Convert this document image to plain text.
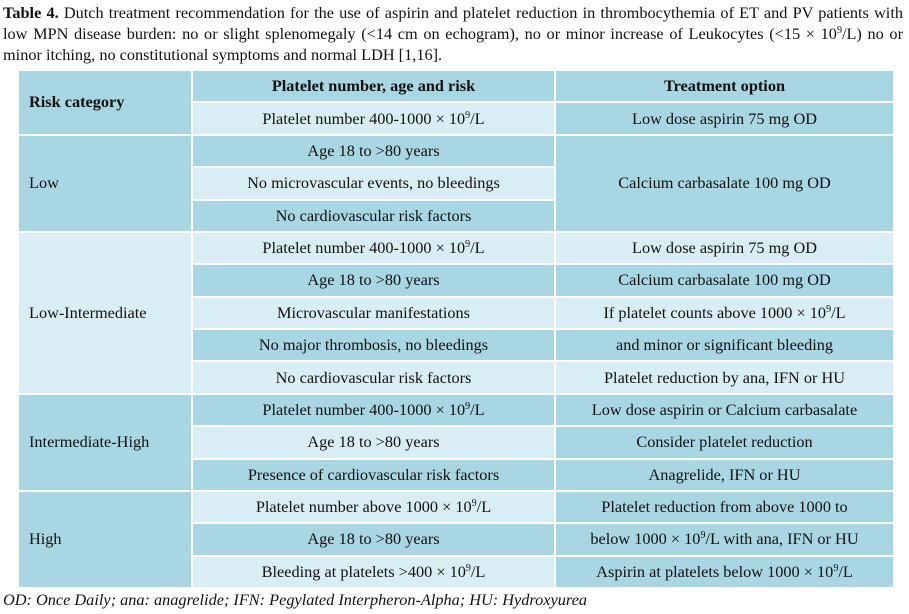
Table 4. Dutch treatment recommendation for the use of aspirin and platelet reduction in thrombocythemia of ET and PV patients with low MPN disease burden: no or slight splenomegaly (<14 cm on echogram), no or minor increase of Leukocytes $(<15 \times 10^9/L)$ no or minor itching, no constitutional symptoms and normal LDH [1,16].
Risk category	Platelet number, age and risk	Treatment option
	Platelet number $400-1000 \times 10^9/L$	Low dose aspirin 75 mg OD
Low	Age 18 to >80 years	Calcium carbasalate 100 mg OD
	No microvascular events, no bleedings	
	No cardiovascular risk factors	
Low-Intermediate	Platelet number $400-1000 \times 10^9/L$	Low dose aspirin 75 mg OD
	Age 18 to >80 years	Calcium carbasalate 100 mg OD
	Microvascular manifestations	If platelet counts above $1000 \times 10^9/L$
	No major thrombosis, no bleedings	and minor or significant bleeding
	No cardiovascular risk factors	Platelet reduction by ana, IFN or HU
Intermediate-High	Platelet number $400-1000 \times 10^9/L$	Low dose aspirin or Calcium carbasalate
	Age 18 to >80 years	Consider platelet reduction
	Presence of cardiovascular risk factors	Anagrelide, IFN or HU
High	Platelet number above $1000 \times 10^9/L$	Platelet reduction from above 1000 to
	Age 18 to >80 years	below $1000 \times 10^9/L$ with ana, IFN or HU
	Bleeding at platelets $>400 \times 10^9/L$	Aspirin at platelets below $1000 \times 10^9/L$
OD: Once Daily; ana: anagrelide; IFN: Pegylated Interpheron-Alpha; HU: Hydroxyurea
